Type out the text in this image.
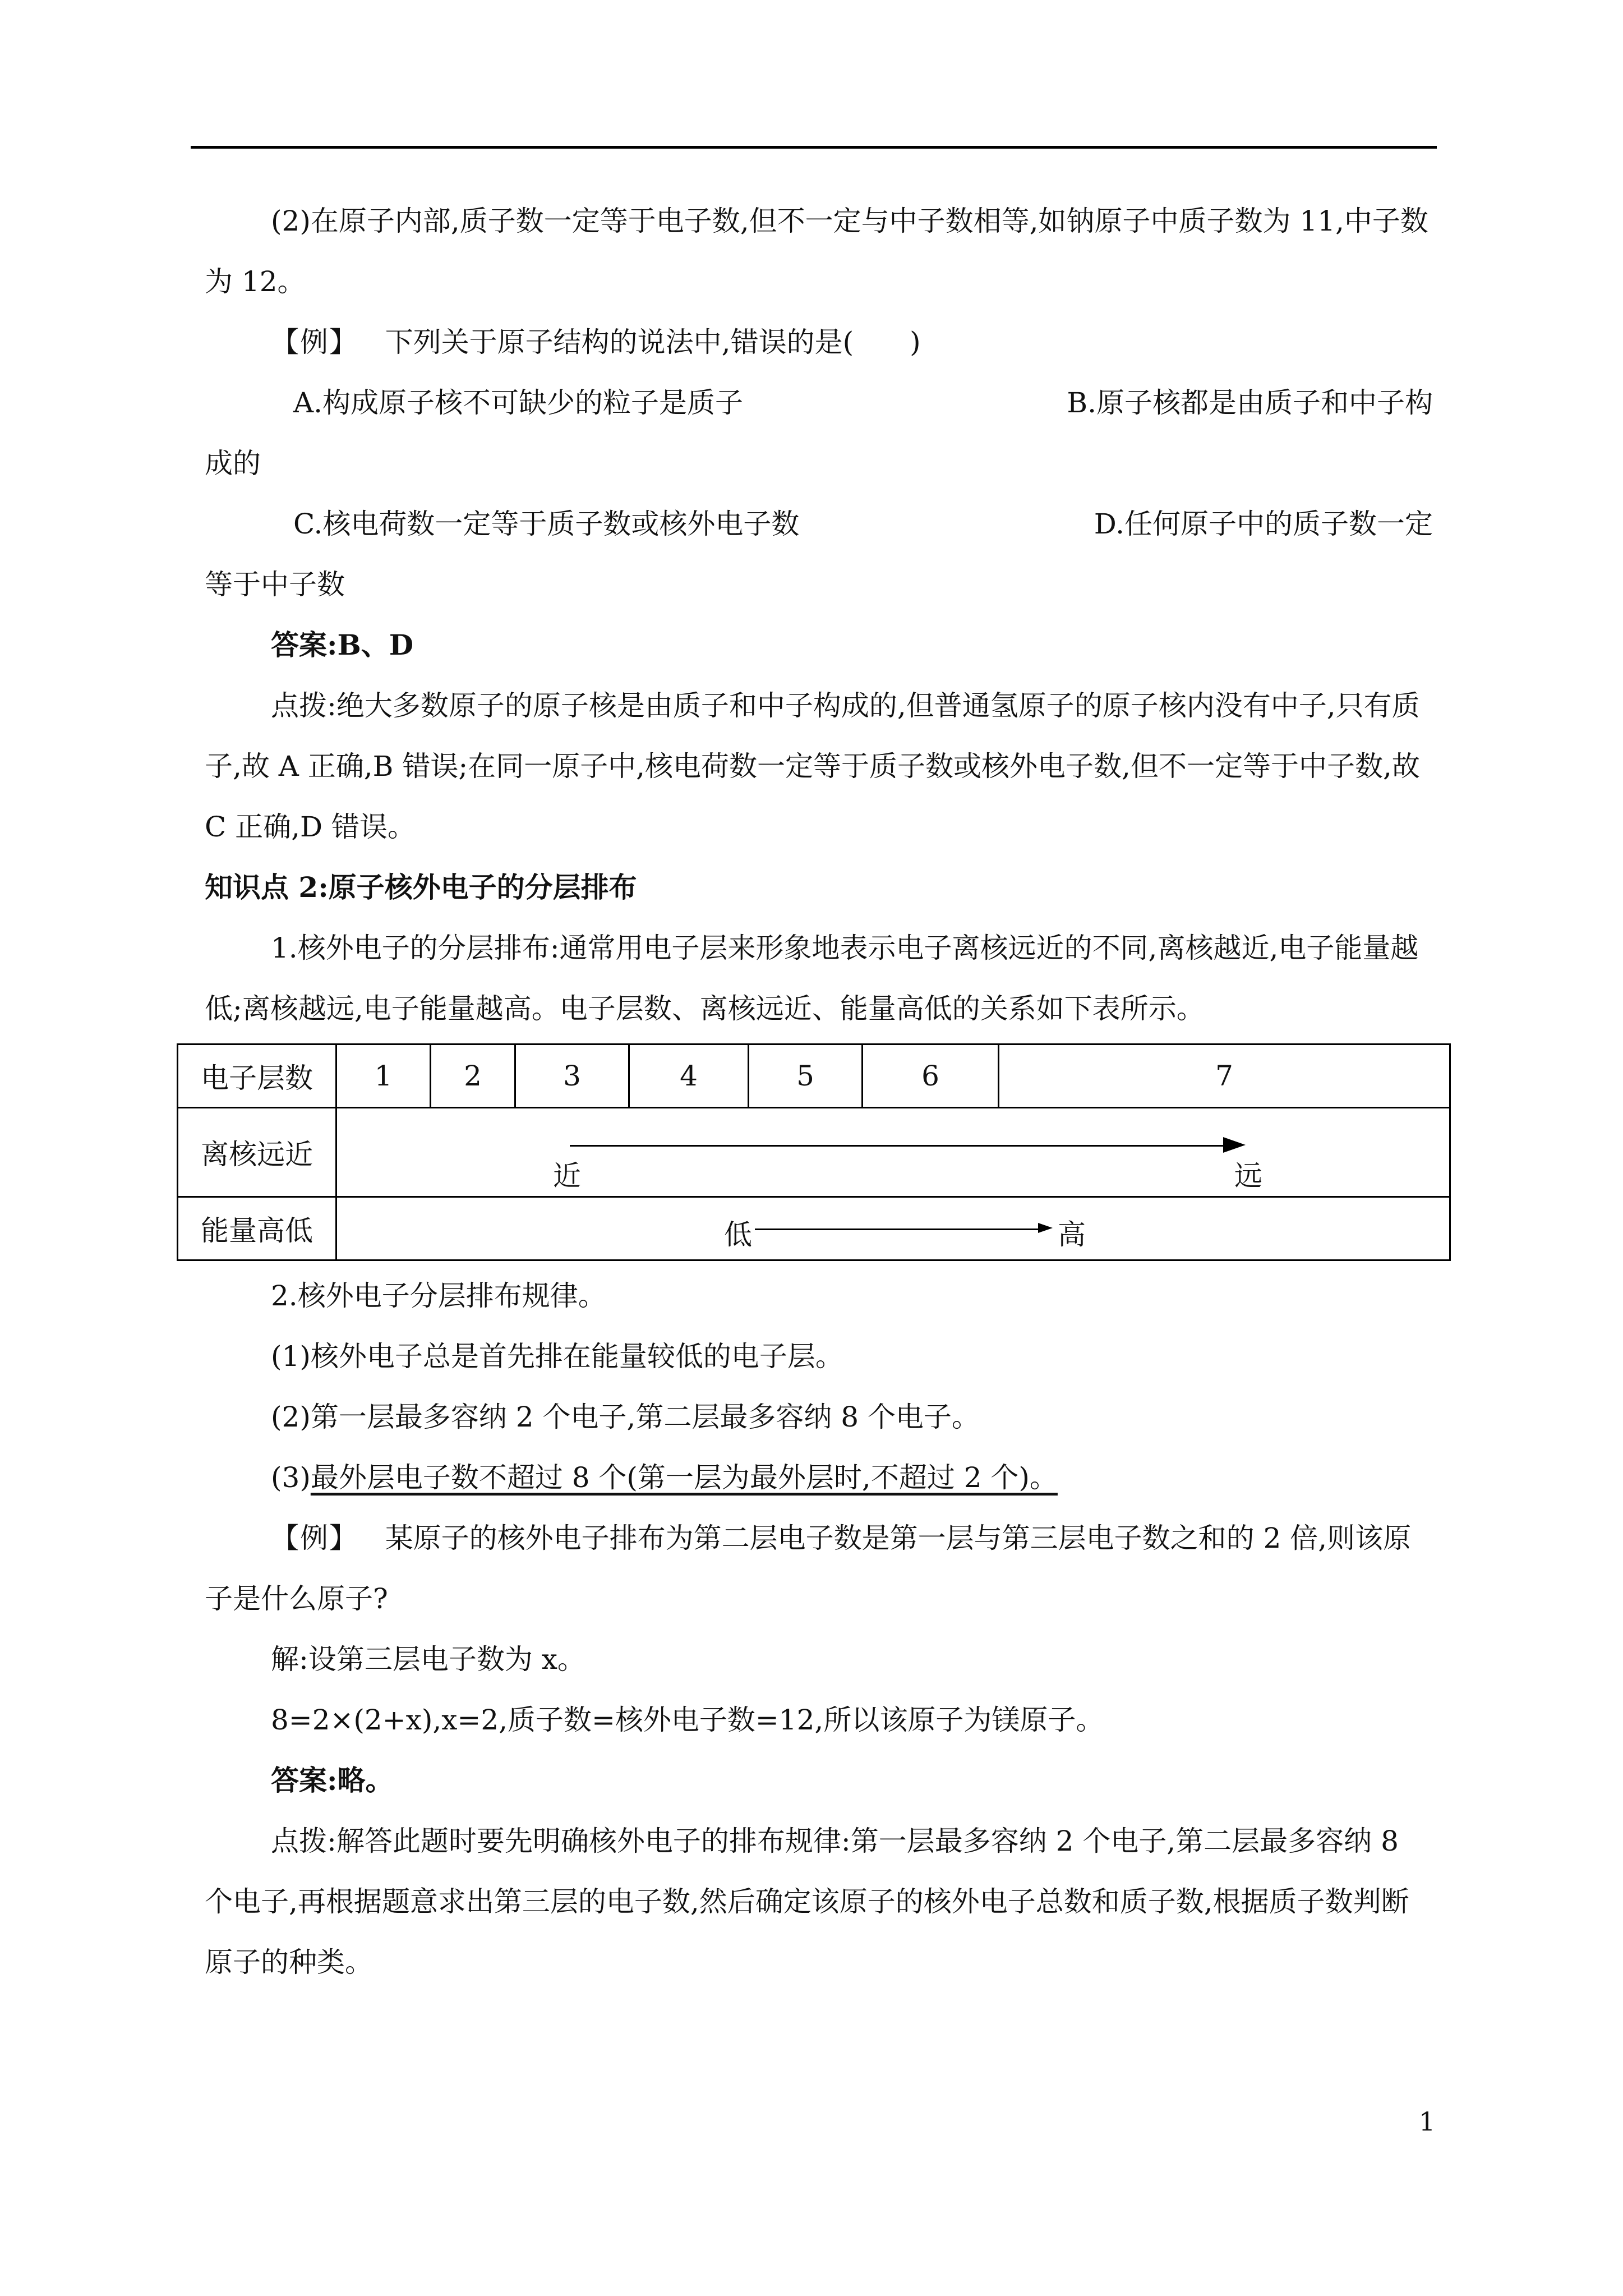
(2)在原子内部,质子数一定等于电子数,但不一定与中子数相等,如钠原子中质子数为 11,中子数为 12。

【例】 下列关于原子结构的说法中,错误的是(　　)

A.构成原子核不可缺少的粒子是质子	B.原子核都是由质子和中子构

成的

C.核电荷数一定等于质子数或核外电子数	D.任何原子中的质子数一定

等于中子数

答案:B、D

点拨:绝大多数原子的原子核是由质子和中子构成的,但普通氢原子的原子核内没有中子,只有质子,故 A 正确,B 错误;在同一原子中,核电荷数一定等于质子数或核外电子数,但不一定等于中子数,故 C 正确,D 错误。

知识点 2:原子核外电子的分层排布

1.核外电子的分层排布:通常用电子层来形象地表示电子离核远近的不同,离核越近,电子能量越低;离核越远,电子能量越高。电子层数、离核远近、能量高低的关系如下表所示。

电子层数	1	2	3	4	5	6	7
离核远近	近 远						

能量高低	低 高						

2.核外电子分层排布规律。

(1)核外电子总是首先排在能量较低的电子层。

(2)第一层最多容纳 2 个电子,第二层最多容纳 8 个电子。

(3)最外层电子数不超过 8 个(第一层为最外层时,不超过 2 个)。

【例】 某原子的核外电子排布为第二层电子数是第一层与第三层电子数之和的 2 倍,则该原子是什么原子?

解:设第三层电子数为 x。

8=2×(2+x),x=2,质子数=核外电子数=12,所以该原子为镁原子。

答案:略。

点拨:解答此题时要先明确核外电子的排布规律:第一层最多容纳 2 个电子,第二层最多容纳 8 个电子,再根据题意求出第三层的电子数,然后确定该原子的核外电子总数和质子数,根据质子数判断原子的种类。

1
